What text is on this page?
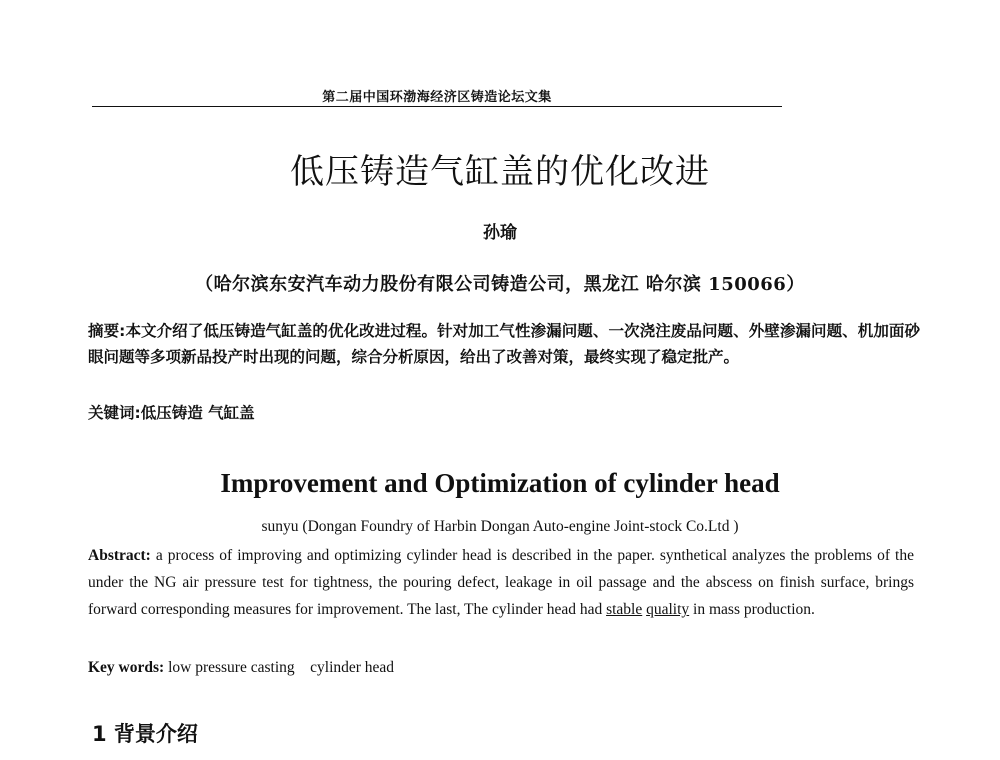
第二届中国环渤海经济区铸造论坛文集
低压铸造气缸盖的优化改进
孙瑜
（哈尔滨东安汽车动力股份有限公司铸造公司，黑龙江 哈尔滨 150066）
摘要:本文介绍了低压铸造气缸盖的优化改进过程。针对加工气性渗漏问题、一次浇注废品问题、外壁渗漏问题、机加面砂眼问题等多项新品投产时出现的问题，综合分析原因，给出了改善对策，最终实现了稳定批产。
关键词:低压铸造 气缸盖
Improvement and Optimization of cylinder head
sunyu (Dongan Foundry of Harbin Dongan Auto-engine Joint-stock Co.Ltd )
Abstract: a process of improving and optimizing cylinder head is described in the paper. synthetical analyzes the problems of the under the NG air pressure test for tightness, the pouring defect, leakage in oil passage and the abscess on finish surface, brings forward corresponding measures for improvement. The last, The cylinder head had stable quality in mass production.
Key words: low pressure casting    cylinder head
1 背景介绍
